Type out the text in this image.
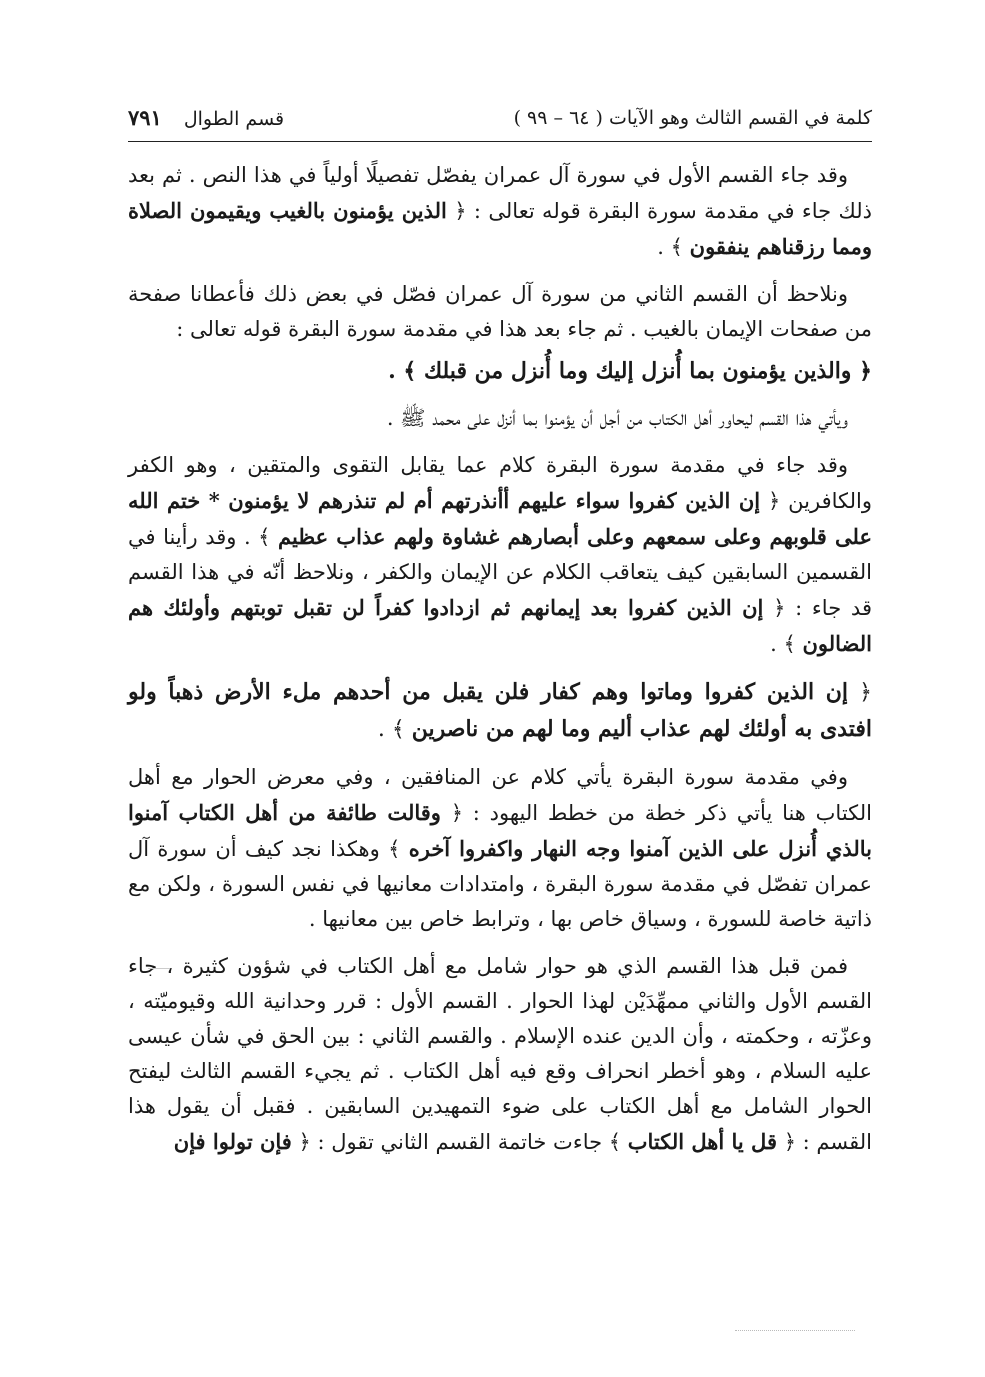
كلمة في القسم الثالث وهو الآيات ( ٦٤ – ٩٩ )
قسم الطوال٧٩١

وقد جاء القسم الأول في سورة آل عمران يفصّل تفصيلًا أولياً في هذا النص . ثم بعد ذلك جاء في مقدمة سورة البقرة قوله تعالى : ﴿ الذين يؤمنون بالغيب ويقيمون الصلاة ومما رزقناهم ينفقون ﴾ .

ونلاحظ أن القسم الثاني من سورة آل عمران فصّل في بعض ذلك فأعطانا صفحة من صفحات الإيمان بالغيب . ثم جاء بعد هذا في مقدمة سورة البقرة قوله تعالى :

﴿ والذين يؤمنون بما أُنزل إليك وما أُنزل من قبلك ﴾ .

ويأتي هذا القسم ليحاور أهل الكتاب من أجل أن يؤمنوا بما أنزل على محمد ﷺ .

وقد جاء في مقدمة سورة البقرة كلام عما يقابل التقوى والمتقين ، وهو الكفر والكافرين ﴿ إن الذين كفروا سواء عليهم أأنذرتهم أم لم تنذرهم لا يؤمنون * ختم الله على قلوبهم وعلى سمعهم وعلى أبصارهم غشاوة ولهم عذاب عظيم ﴾ . وقد رأينا في القسمين السابقين كيف يتعاقب الكلام عن الإيمان والكفر ، ونلاحظ أنّه في هذا القسم قد جاء : ﴿ إن الذين كفروا بعد إيمانهم ثم ازدادوا كفراً لن تقبل توبتهم وأولئك هم الضالون ﴾ .

﴿ إن الذين كفروا وماتوا وهم كفار فلن يقبل من أحدهم ملء الأرض ذهباً ولو افتدى به أولئك لهم عذاب أليم وما لهم من ناصرين ﴾ .

وفي مقدمة سورة البقرة يأتي كلام عن المنافقين ، وفي معرض الحوار مع أهل الكتاب هنا يأتي ذكر خطة من خطط اليهود : ﴿ وقالت طائفة من أهل الكتاب آمنوا بالذي أُنزل على الذين آمنوا وجه النهار واكفروا آخره ﴾ وهكذا نجد كيف أن سورة آل عمران تفصّل في مقدمة سورة البقرة ، وامتدادات معانيها في نفس السورة ، ولكن مع ذاتية خاصة للسورة ، وسياق خاص بها ، وترابط خاص بين معانيها .

فمن قبل هذا القسم الذي هو حوار شامل مع أهل الكتاب في شؤون كثيرة ، جاء القسم الأول والثاني ممهِّدَيْن لهذا الحوار . القسم الأول : قرر وحدانية الله وقيوميّته ، وعزّته ، وحكمته ، وأن الدين عنده الإسلام . والقسم الثاني : بين الحق في شأن عيسى عليه السلام ، وهو أخطر انحراف وقع فيه أهل الكتاب . ثم يجيء القسم الثالث ليفتح الحوار الشامل مع أهل الكتاب على ضوء التمهيدين السابقين . فقبل أن يقول هذا القسم : ﴿ قل يا أهل الكتاب ﴾ جاءت خاتمة القسم الثاني تقول : ﴿ فإن تولوا فإن
